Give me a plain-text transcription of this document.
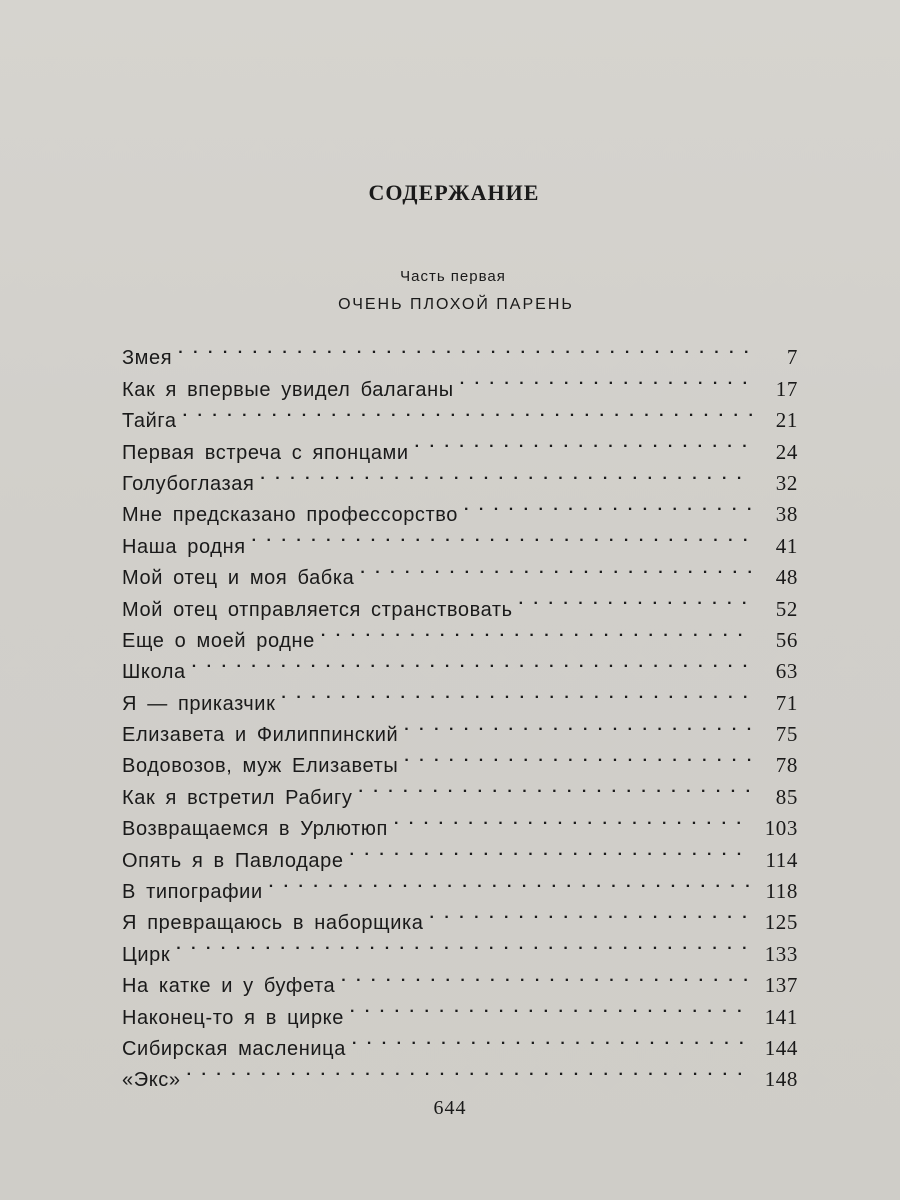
СОДЕРЖАНИЕ
Часть первая
ОЧЕНЬ ПЛОХОЙ ПАРЕНЬ
Змея . . .	7
Как я впервые увидел балаганы . . .	17
Тайга . . .	21
Первая встреча с японцами . . .	24
Голубоглазая . . .	32
Мне предсказано профессорство . . .	38
Наша родня . . .	41
Мой отец и моя бабка . . .	48
Мой отец отправляется странствовать . . .	52
Еще о моей родне . . .	56
Школа . . .	63
Я — приказчик . . .	71
Елизавета и Филиппинский . . .	75
Водовозов, муж Елизаветы . . .	78
Как я встретил Рабигу . . .	85
Возвращаемся в Урлютюп . . .	103
Опять я в Павлодаре . . .	114
В типографии . . .	118
Я превращаюсь в наборщика . . .	125
Цирк . . .	133
На катке и у буфета . . .	137
Наконец-то я в цирке . . .	141
Сибирская масленица . . .	144
«Экс» . . .	148
644
